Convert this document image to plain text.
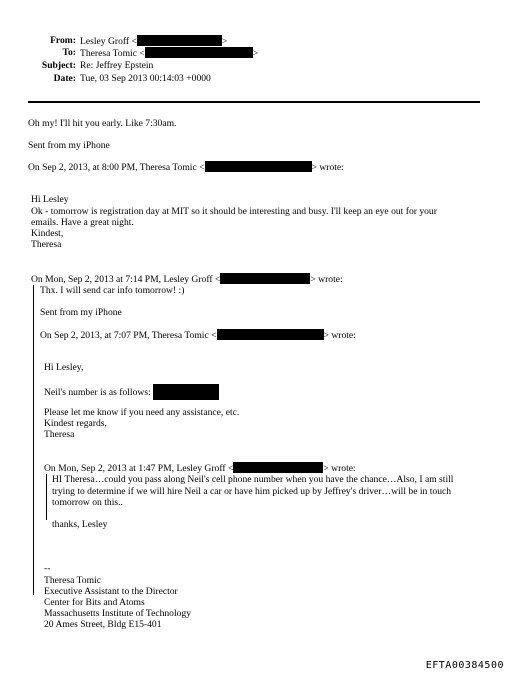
From: Lesley Groff <	>
To: Theresa Tomic <	>
Subject: Re: Jeffrey Epstein
Date: Tue, 03 Sep 2013 00:14:03 +0000
Oh my! I'll hit you early. Like 7:30am.
Sent from my iPhone
On Sep 2, 2013, at 8:00 PM, Theresa Tomic <	> wrote:
Hi Lesley
Ok - tomorrow is registration day at MIT so it should be interesting and busy. I'll keep an eye out for your
emails. Have a great night.
Kindest,
Theresa
On Mon, Sep 2, 2013 at 7:14 PM, Lesley Groff <	> wrote:
Thx. I will send car info tomorrow! :)
Sent from my iPhone
On Sep 2, 2013, at 7:07 PM, Theresa Tomic <	> wrote:
Hi Lesley,
Neil's number is as follows:
Please let me know if you need any assistance, etc.
Kindest regards,
Theresa
On Mon, Sep 2, 2013 at 1:47 PM, Lesley Groff <	> wrote:
HI Theresa…could you pass along Neil's cell phone number when you have the chance…Also, I am still
trying to determine if we will hire Neil a car or have him picked up by Jeffrey's driver…will be in touch
tomorrow on this..
thanks, Lesley
--
Theresa Tomic
Executive Assistant to the Director
Center for Bits and Atoms
Massachusetts Institute of Technology
20 Ames Street, Bldg E15-401
EFTA00384500
